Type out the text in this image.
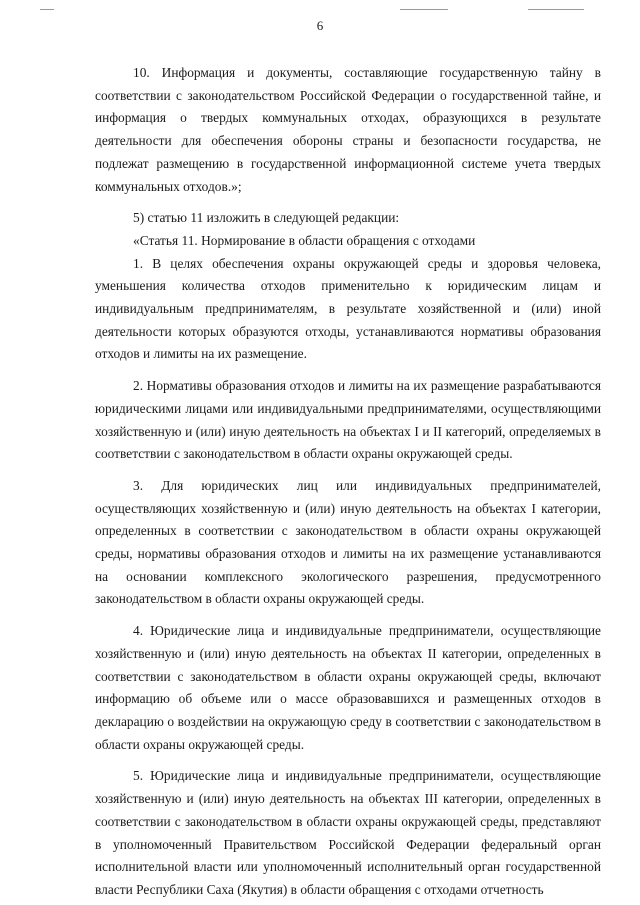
6

10. Информация и документы, составляющие государственную тайну в соответствии с законодательством Российской Федерации о государственной тайне, и информация о твердых коммунальных отходах, образующихся в результате деятельности для обеспечения обороны страны и безопасности государства, не подлежат размещению в государственной информационной системе учета твердых коммунальных отходов.»;

5) статью 11 изложить в следующей редакции:

«Статья 11. Нормирование в области обращения с отходами

1. В целях обеспечения охраны окружающей среды и здоровья человека, уменьшения количества отходов применительно к юридическим лицам и индивидуальным предпринимателям, в результате хозяйственной и (или) иной деятельности которых образуются отходы, устанавливаются нормативы образования отходов и лимиты на их размещение.

2. Нормативы образования отходов и лимиты на их размещение разрабатываются юридическими лицами или индивидуальными предпринимателями, осуществляющими хозяйственную и (или) иную деятельность на объектах I и II категорий, определяемых в соответствии с законодательством в области охраны окружающей среды.

3. Для юридических лиц или индивидуальных предпринимателей, осуществляющих хозяйственную и (или) иную деятельность на объектах I категории, определенных в соответствии с законодательством в области охраны окружающей среды, нормативы образования отходов и лимиты на их размещение устанавливаются на основании комплексного экологического разрешения, предусмотренного законодательством в области охраны окружающей среды.

4. Юридические лица и индивидуальные предприниматели, осуществляющие хозяйственную и (или) иную деятельность на объектах II категории, определенных в соответствии с законодательством в области охраны окружающей среды, включают информацию об объеме или о массе образовавшихся и размещенных отходов в декларацию о воздействии на окружающую среду в соответствии с законодательством в области охраны окружающей среды.

5. Юридические лица и индивидуальные предприниматели, осуществляющие хозяйственную и (или) иную деятельность на объектах III категории, определенных в соответствии с законодательством в области охраны окружающей среды, представляют в уполномоченный Правительством Российской Федерации федеральный орган исполнительной власти или уполномоченный исполнительный орган государственной власти Республики Саха (Якутия) в области обращения с отходами отчетность
